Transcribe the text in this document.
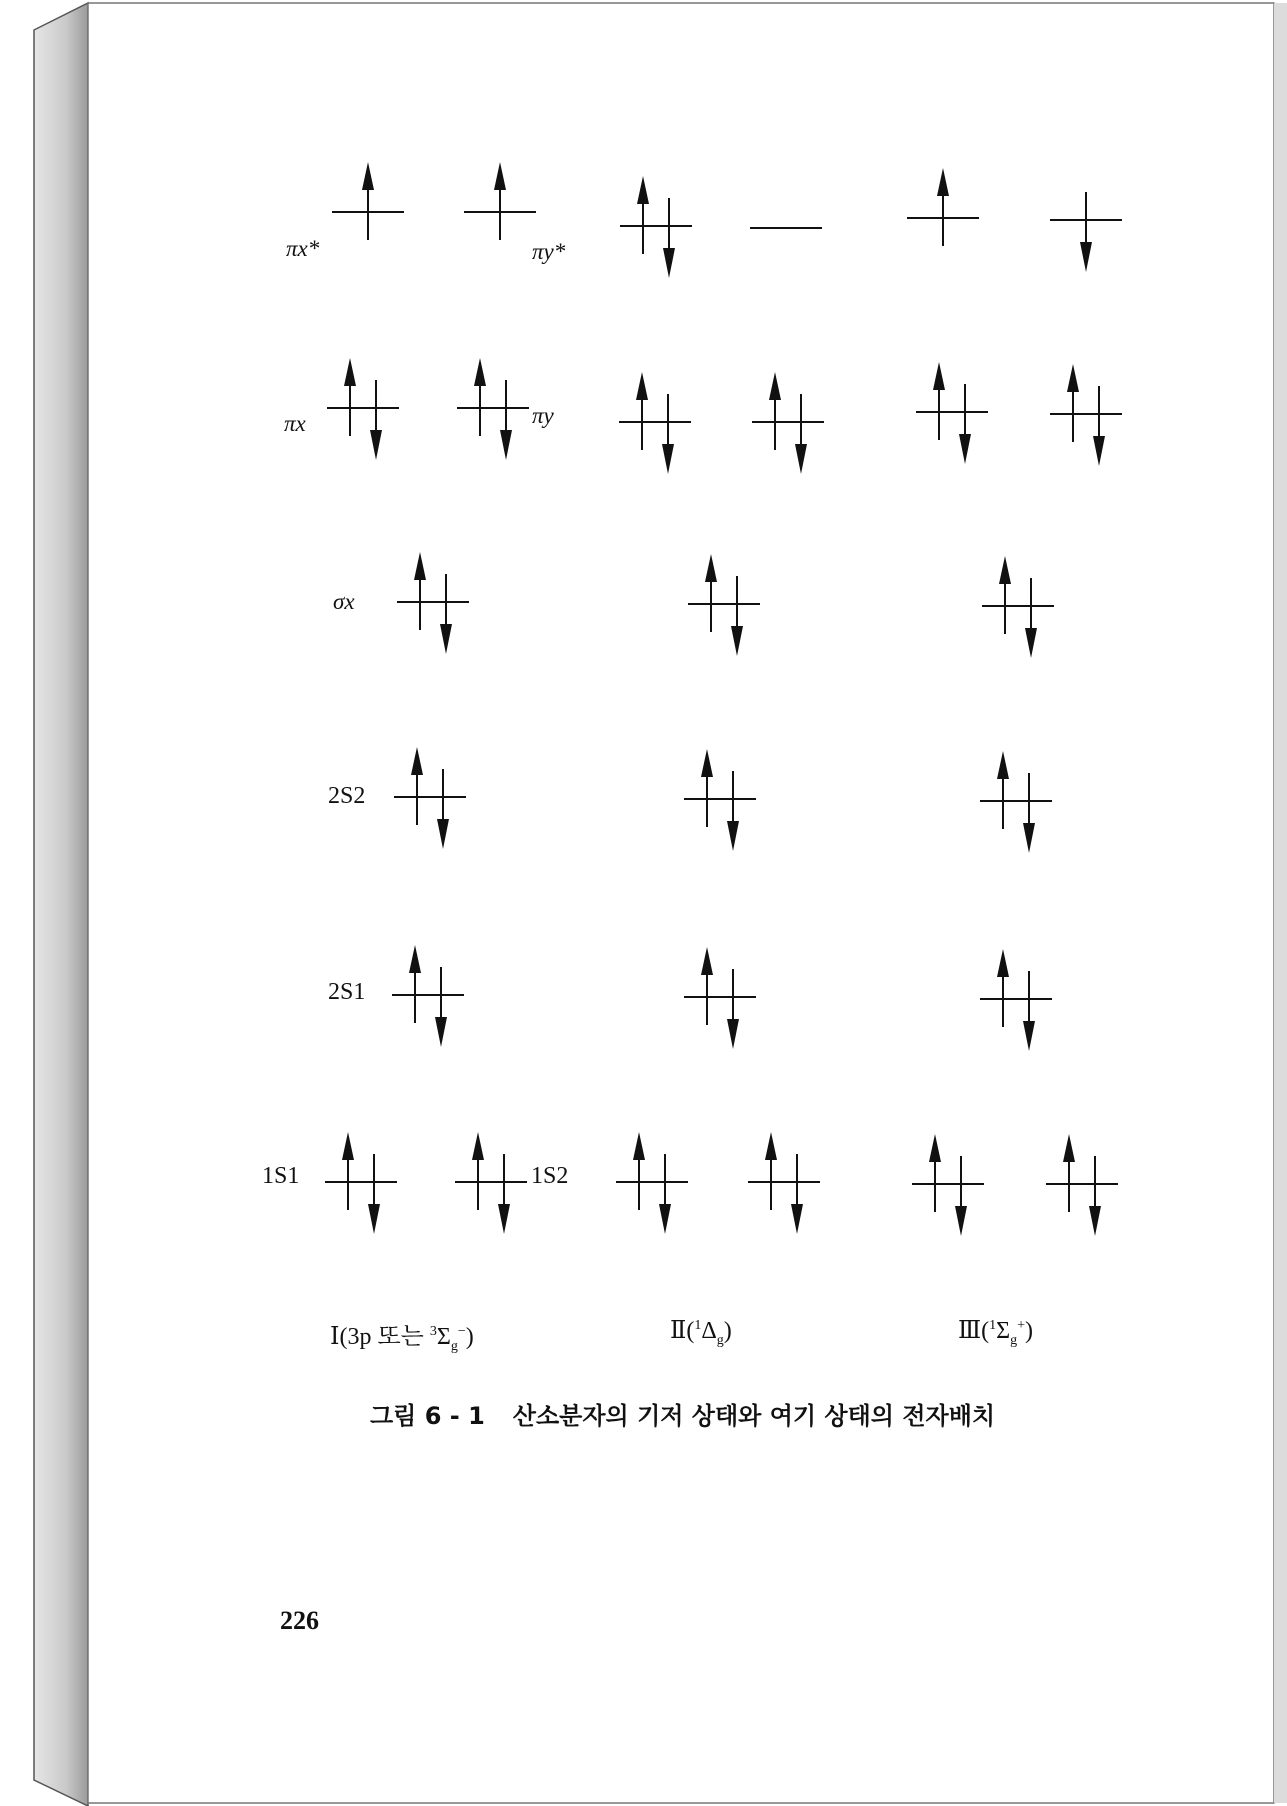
πx*	πy*
πx	πy
σx
2S2
2S1
1S1	1S2
Ⅰ(3p 또는 $^3\Sigma_g^-$)	$Ⅱ(^1\Delta_g)$	$Ⅲ(^1\Sigma_g^+)$
그림 6 - 1 산소분자의 기저 상태와 여기 상태의 전자배치
226
